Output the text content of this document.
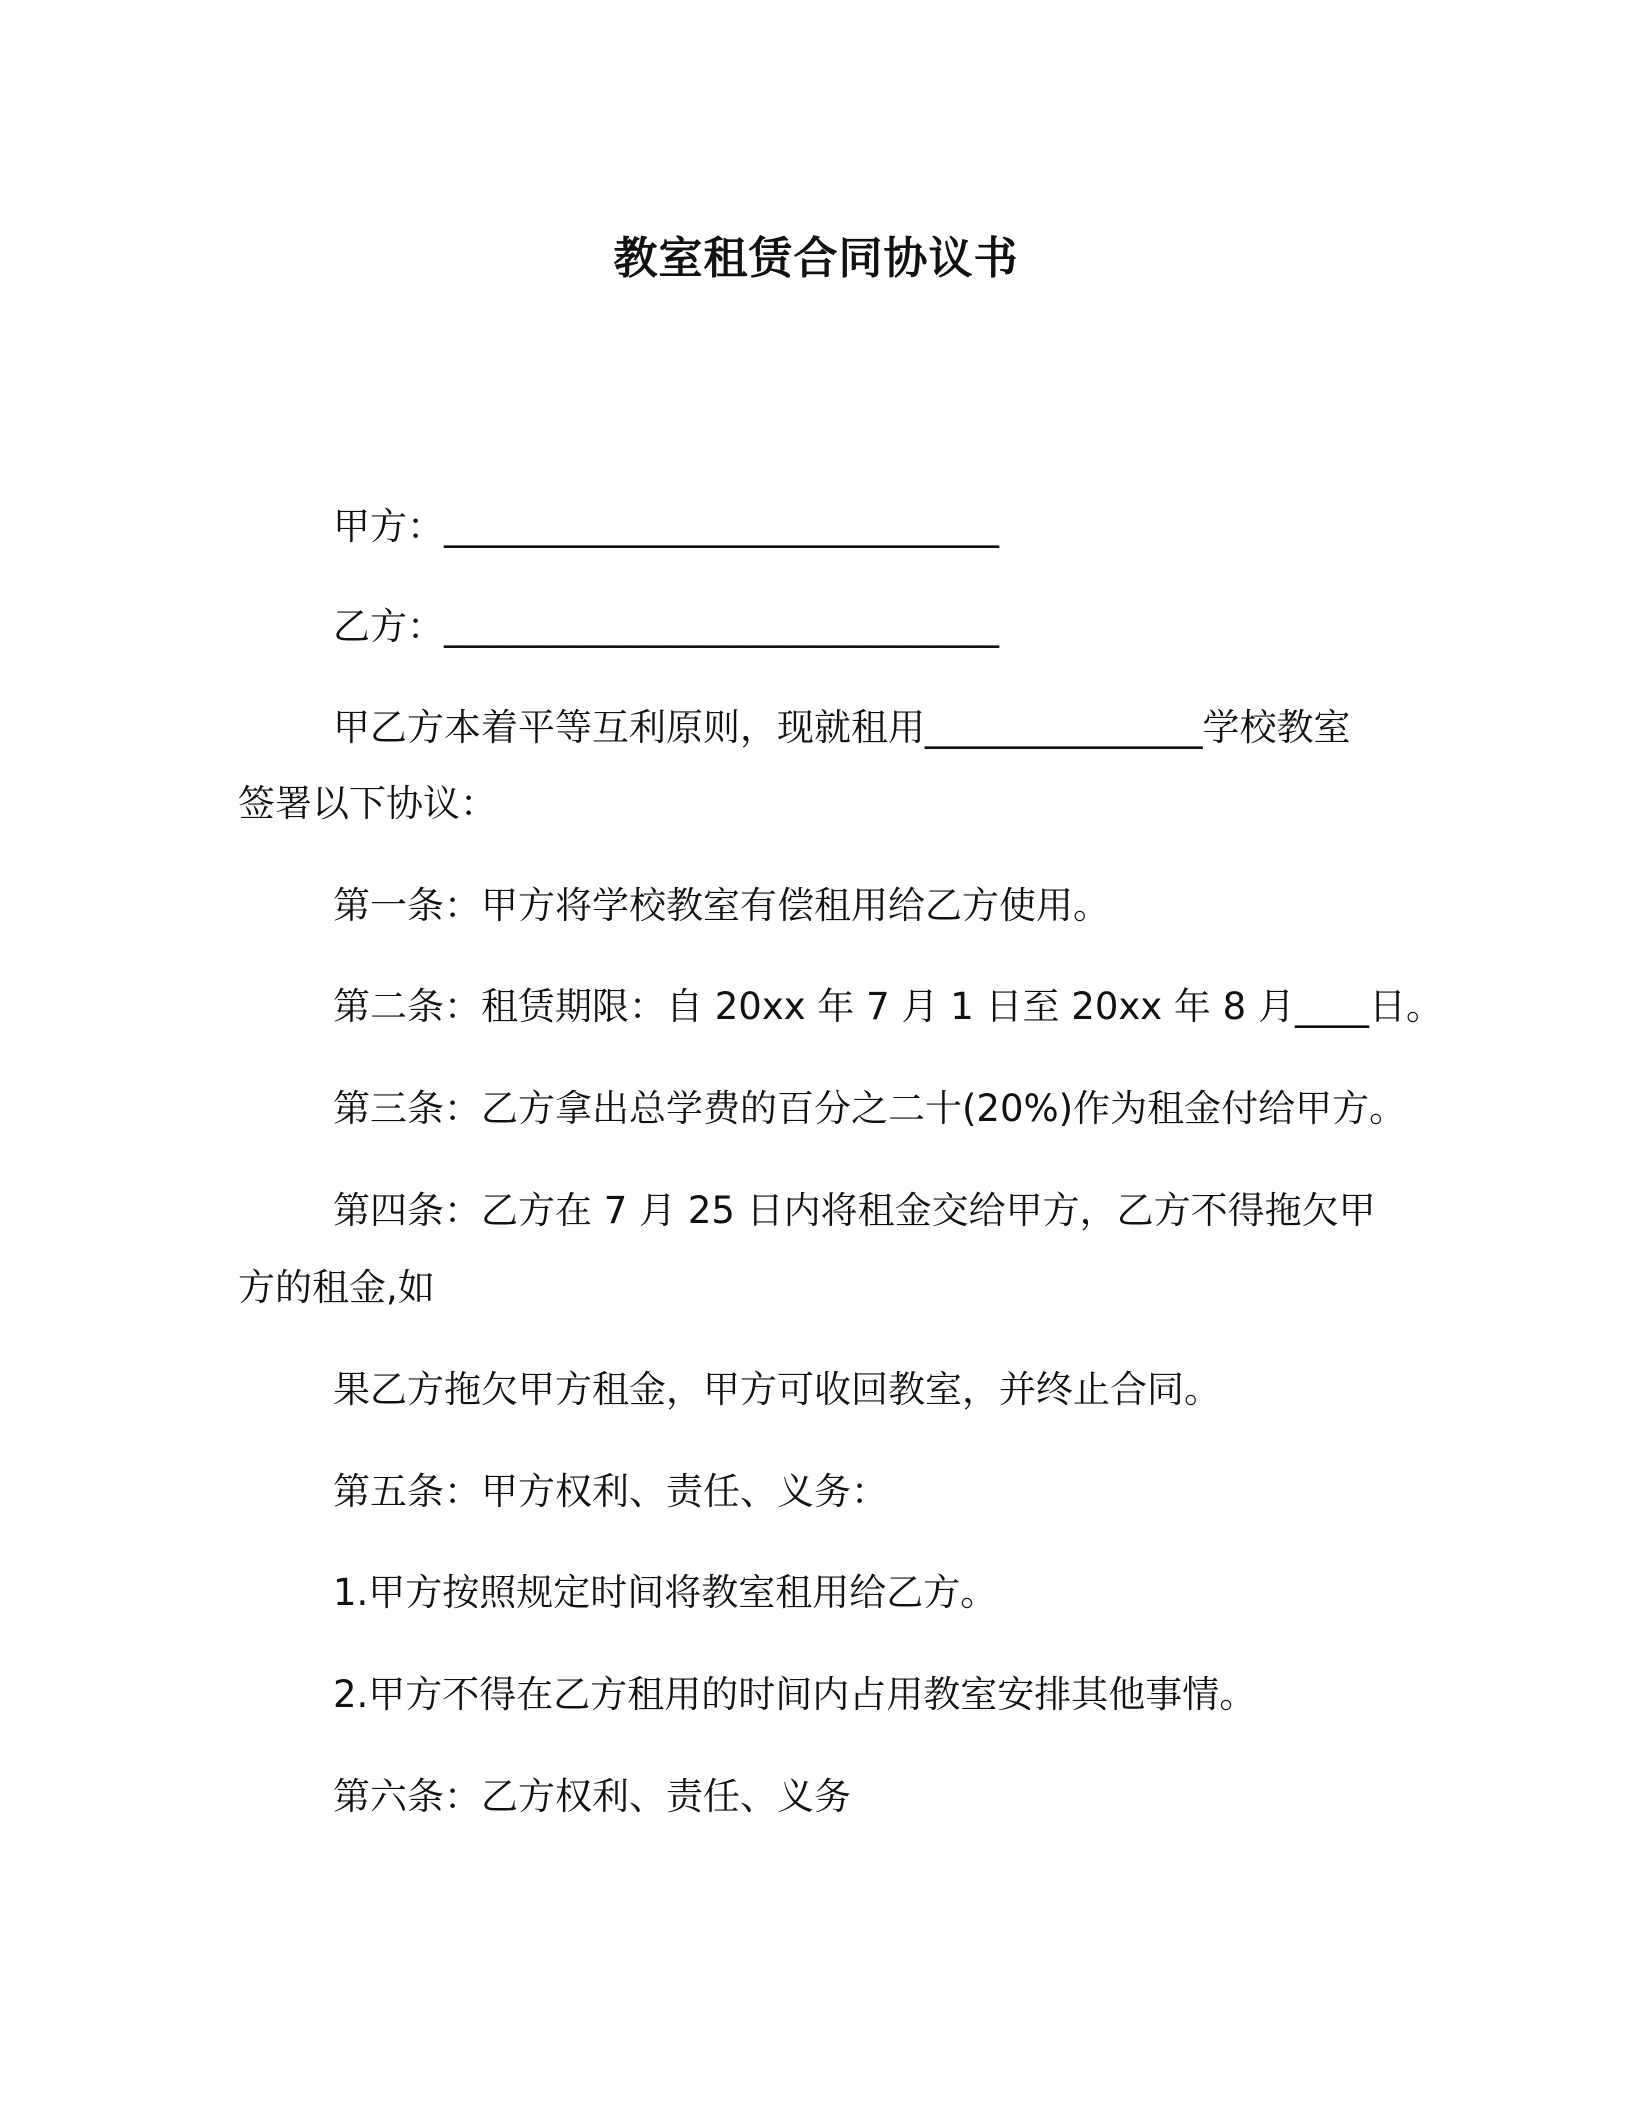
教室租赁合同协议书

甲方：______________________________

乙方：______________________________

甲乙方本着平等互利原则，现就租用_______________学校教室

签署以下协议：

第一条：甲方将学校教室有偿租用给乙方使用。

第二条：租赁期限：自 20xx 年 7 月 1 日至 20xx 年 8 月____日。

第三条：乙方拿出总学费的百分之二十(20%)作为租金付给甲方。

第四条：乙方在 7 月 25 日内将租金交给甲方，乙方不得拖欠甲

方的租金,如

果乙方拖欠甲方租金，甲方可收回教室，并终止合同。

第五条：甲方权利、责任、义务：

1.甲方按照规定时间将教室租用给乙方。

2.甲方不得在乙方租用的时间内占用教室安排其他事情。

第六条：乙方权利、责任、义务
